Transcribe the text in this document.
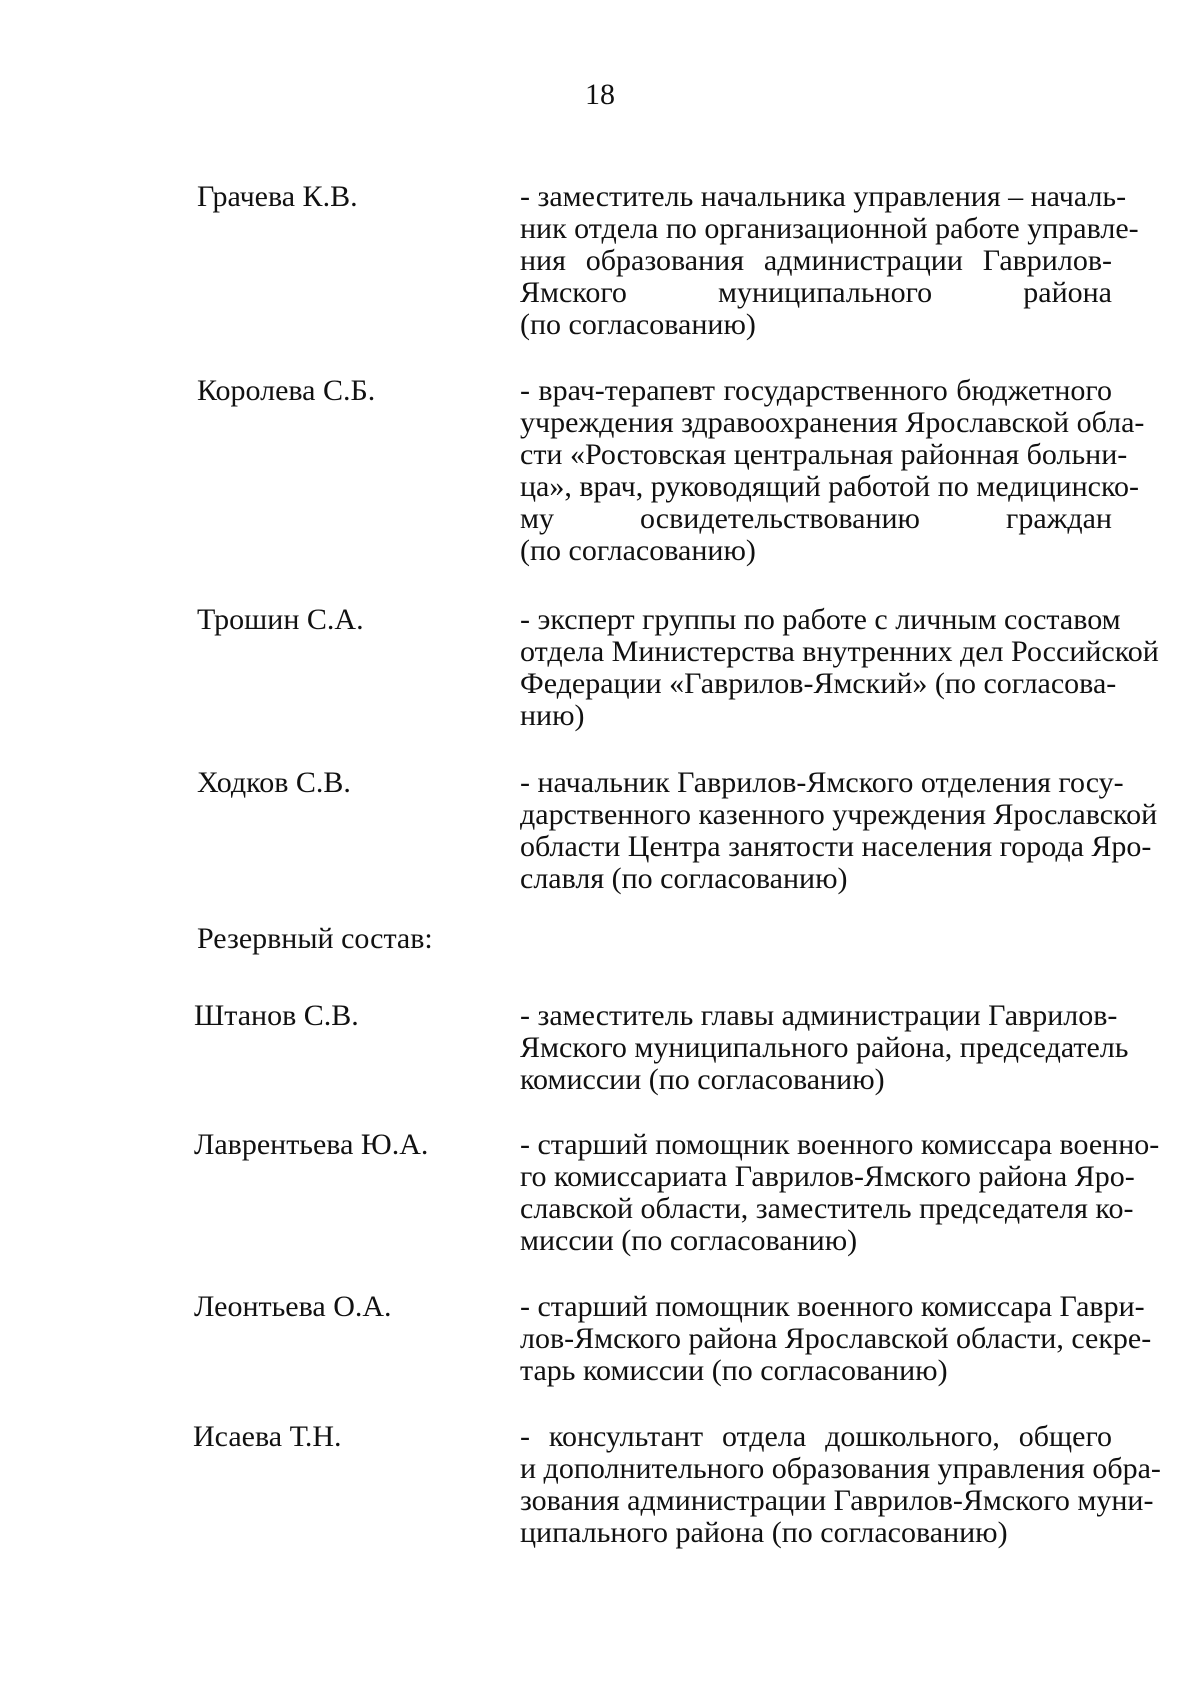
18
Грачева К.В.	- заместитель начальника управления – началь-
ник отдела по организационной работе управле-
ния образования администрации Гаврилов-
Ямского муниципального района
(по согласованию)
Королева С.Б.	- врач-терапевт государственного бюджетного
учреждения здравоохранения Ярославской обла-
сти «Ростовская центральная районная больни-
ца», врач, руководящий работой по медицинско-
му освидетельствованию граждан
(по согласованию)
Трошин С.А.	- эксперт группы по работе с личным составом
отдела Министерства внутренних дел Российской
Федерации «Гаврилов-Ямский» (по согласова-
нию)
Ходков С.В.	- начальник Гаврилов-Ямского отделения госу-
дарственного казенного учреждения Ярославской
области Центра занятости населения города Яро-
славля (по согласованию)
Резервный состав:
Штанов С.В.	- заместитель главы администрации Гаврилов-
Ямского муниципального района, председатель
комиссии (по согласованию)
Лаврентьева Ю.А.	- старший помощник военного комиссара военно-
го комиссариата Гаврилов-Ямского района Яро-
славской области, заместитель председателя ко-
миссии (по согласованию)
Леонтьева О.А.	- старший помощник военного комиссара Гаври-
лов-Ямского района Ярославской области, секре-
тарь комиссии (по согласованию)
Исаева Т.Н.	- консультант отдела дошкольного, общего
и дополнительного образования управления обра-
зования администрации Гаврилов-Ямского муни-
ципального района (по согласованию)
